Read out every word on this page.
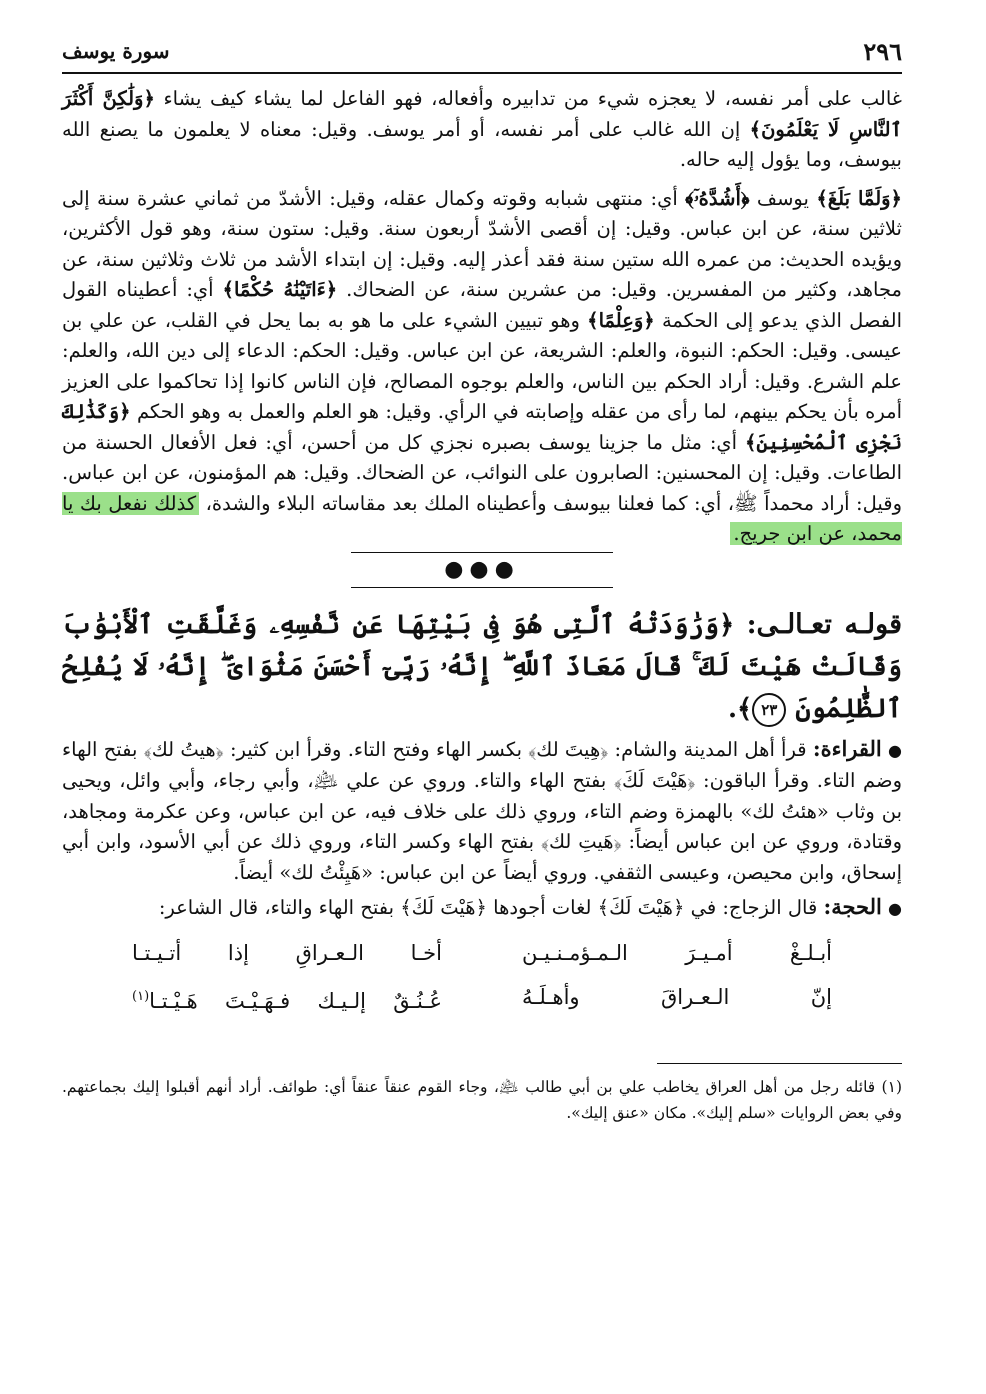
٢٩٦
سورة يوسف

غالب على أمر نفسه، لا يعجزه شيء من تدابيره وأفعاله، فهو الفاعل لما يشاء كيف يشاء ﴿وَلَٰكِنَّ أَكْثَرَ ٱلنَّاسِ لَا يَعْلَمُونَ﴾ إن الله غالب على أمر نفسه، أو أمر يوسف. وقيل: معناه لا يعلمون ما يصنع الله بيوسف، وما يؤول إليه حاله.

﴿وَلَمَّا بَلَغَ﴾ يوسف ﴿أَشُدَّهُۥٓ﴾ أي: منتهى شبابه وقوته وكمال عقله، وقيل: الأشدّ من ثماني عشرة سنة إلى ثلاثين سنة، عن ابن عباس. وقيل: إن أقصى الأشدّ أربعون سنة. وقيل: ستون سنة، وهو قول الأكثرين، ويؤيده الحديث: من عمره الله ستين سنة فقد أعذر إليه. وقيل: إن ابتداء الأشد من ثلاث وثلاثين سنة، عن مجاهد، وكثير من المفسرين. وقيل: من عشرين سنة، عن الضحاك. ﴿ءَاتَيْنَٰهُ حُكْمًا﴾ أي: أعطيناه القول الفصل الذي يدعو إلى الحكمة ﴿وَعِلْمًا﴾ وهو تبيين الشيء على ما هو به بما يحل في القلب، عن علي بن عيسى. وقيل: الحكم: النبوة، والعلم: الشريعة، عن ابن عباس. وقيل: الحكم: الدعاء إلى دين الله، والعلم: علم الشرع. وقيل: أراد الحكم بين الناس، والعلم بوجوه المصالح، فإن الناس كانوا إذا تحاكموا على العزيز أمره بأن يحكم بينهم، لما رأى من عقله وإصابته في الرأي. وقيل: هو العلم والعمل به وهو الحكم ﴿وَكَذَٰلِكَ نَجْزِى ٱلْمُحْسِنِينَ﴾ أي: مثل ما جزينا يوسف بصبره نجزي كل من أحسن، أي: فعل الأفعال الحسنة من الطاعات. وقيل: إن المحسنين: الصابرون على النوائب، عن الضحاك. وقيل: هم المؤمنون، عن ابن عباس. وقيل: أراد محمداً ﷺ، أي: كما فعلنا بيوسف وأعطيناه الملك بعد مقاساته البلاء والشدة، كذلك نفعل بك يا محمد، عن ابن جريج.

●●●
قولـه تعـالـى: ﴿وَرَٰوَدَتْهُ ٱلَّتِى هُوَ فِى بَيْتِهَا عَن نَّفْسِهِۦ وَغَلَّقَتِ ٱلْأَبْوَٰبَ وَقَالَتْ هَيْتَ لَكَ ۚ قَالَ مَعَاذَ ٱللَّهِ ۖ إِنَّهُۥ رَبِّىٓ أَحْسَنَ مَثْوَاىَ ۖ إِنَّهُۥ لَا يُفْلِحُ ٱلظَّٰلِمُونَ ٢٣﴾.

● القراءة: قرأ أهل المدينة والشام: ﴿هِيتَ لك﴾ بكسر الهاء وفتح التاء. وقرأ ابن كثير: ﴿هيتُ لك﴾ بفتح الهاء وضم التاء. وقرأ الباقون: ﴿هَيْتَ لَكَ﴾ بفتح الهاء والتاء. وروي عن علي ﵇، وأبي رجاء، وأبي وائل، ويحيى بن وثاب «هئتُ لك» بالهمزة وضم التاء، وروي ذلك على خلاف فيه، عن ابن عباس، وعن عكرمة ومجاهد، وقتادة، وروي عن ابن عباس أيضاً: ﴿هَيتِ لك﴾ بفتح الهاء وكسر التاء، وروي ذلك عن أبي الأسود، وابن أبي إسحاق، وابن محيصن، وعيسى الثقفي. وروي أيضاً عن ابن عباس: «هَيِئْتُ لك» أيضاً.

● الحجة: قال الزجاج: في ﴿هَيْتَ لَكَ﴾ لغات أجودها ﴿هَيْتَ لَكَ﴾ بفتح الهاء والتاء، قال الشاعر:

أبـلـغْ أمـيـرَ الـمـؤمـنـيـن
أخـا الـعـراقِ إذا أتـيـتـا
إنّ الـعـراقَ وأهـلَـهُ
عُـنُـقٌ إلـيـك فـهَـيْـتَ هَـيْـتـا$^{(١)}$
(١) قائله رجل من أهل العراق يخاطب علي بن أبي طالب ﵇، وجاء القوم عنقاً عنقاً أي: طوائف. أراد أنهم أقبلوا إليك بجماعتهم. وفي بعض الروايات «سلم إليك». مكان «عنق إليك».
